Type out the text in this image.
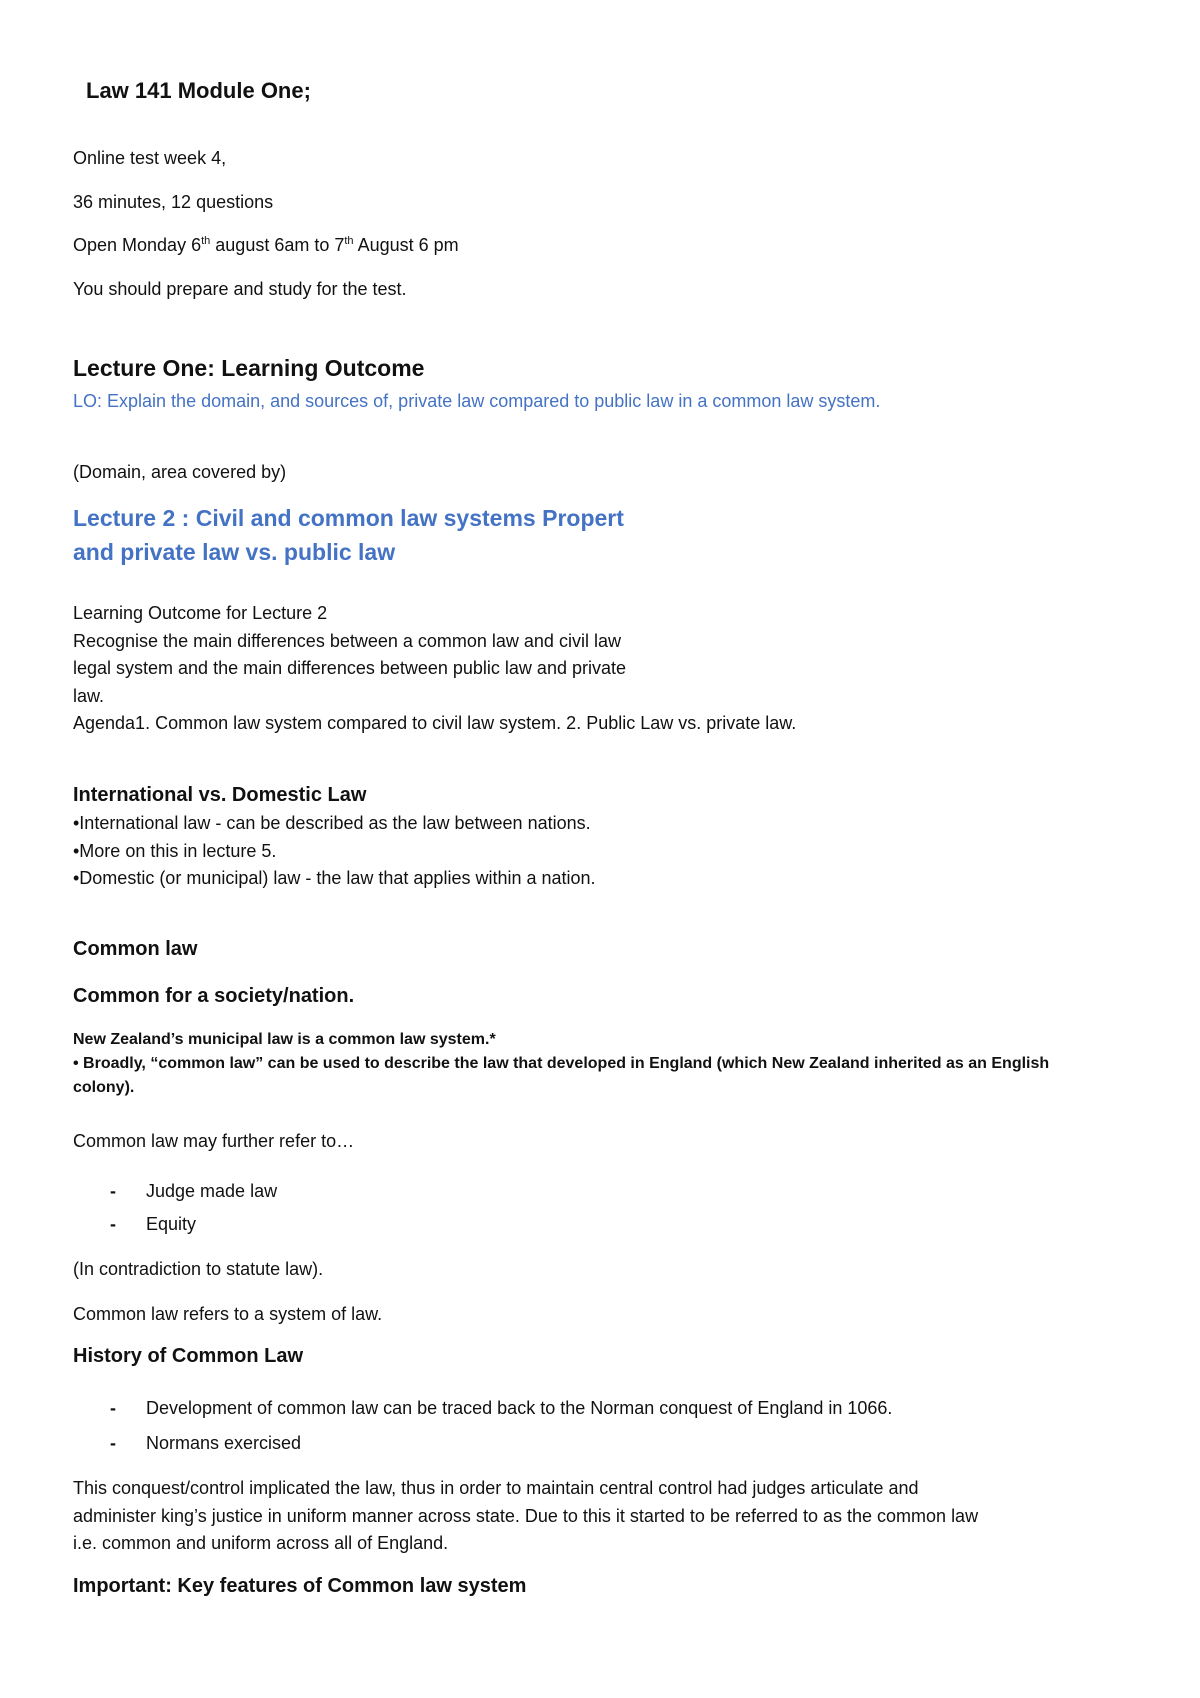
Law 141 Module One;

Online test week 4,

36 minutes, 12 questions

Open Monday 6th august 6am to 7th August 6 pm

You should prepare and study for the test.

Lecture One: Learning Outcome

LO: Explain the domain, and sources of, private law compared to public law in a common law system.

(Domain, area covered by)

Lecture 2 : Civil and common law systems Propert
and private law vs. public law
Learning Outcome for Lecture 2
Recognise the main differences between a common law and civil law
legal system and the main differences between public law and private
law.
Agenda1. Common law system compared to civil law system. 2. Public Law vs. private law.

International vs. Domestic Law

•International law - can be described as the law between nations.
•More on this in lecture 5.
•Domestic (or municipal) law - the law that applies within a nation.

Common law

Common for a society/nation.

New Zealand’s municipal law is a common law system.*
• Broadly, “common law” can be used to describe the law that developed in England (which New Zealand inherited as an English
colony).

Common law may further refer to…

- Judge made law
- Equity

(In contradiction to statute law).

Common law refers to a system of law.

History of Common Law

- Development of common law can be traced back to the Norman conquest of England in 1066.
- Normans exercised
This conquest/control implicated the law, thus in order to maintain central control had judges articulate and
administer king’s justice in uniform manner across state. Due to this it started to be referred to as the common law
i.e. common and uniform across all of England.

Important: Key features of Common law system
